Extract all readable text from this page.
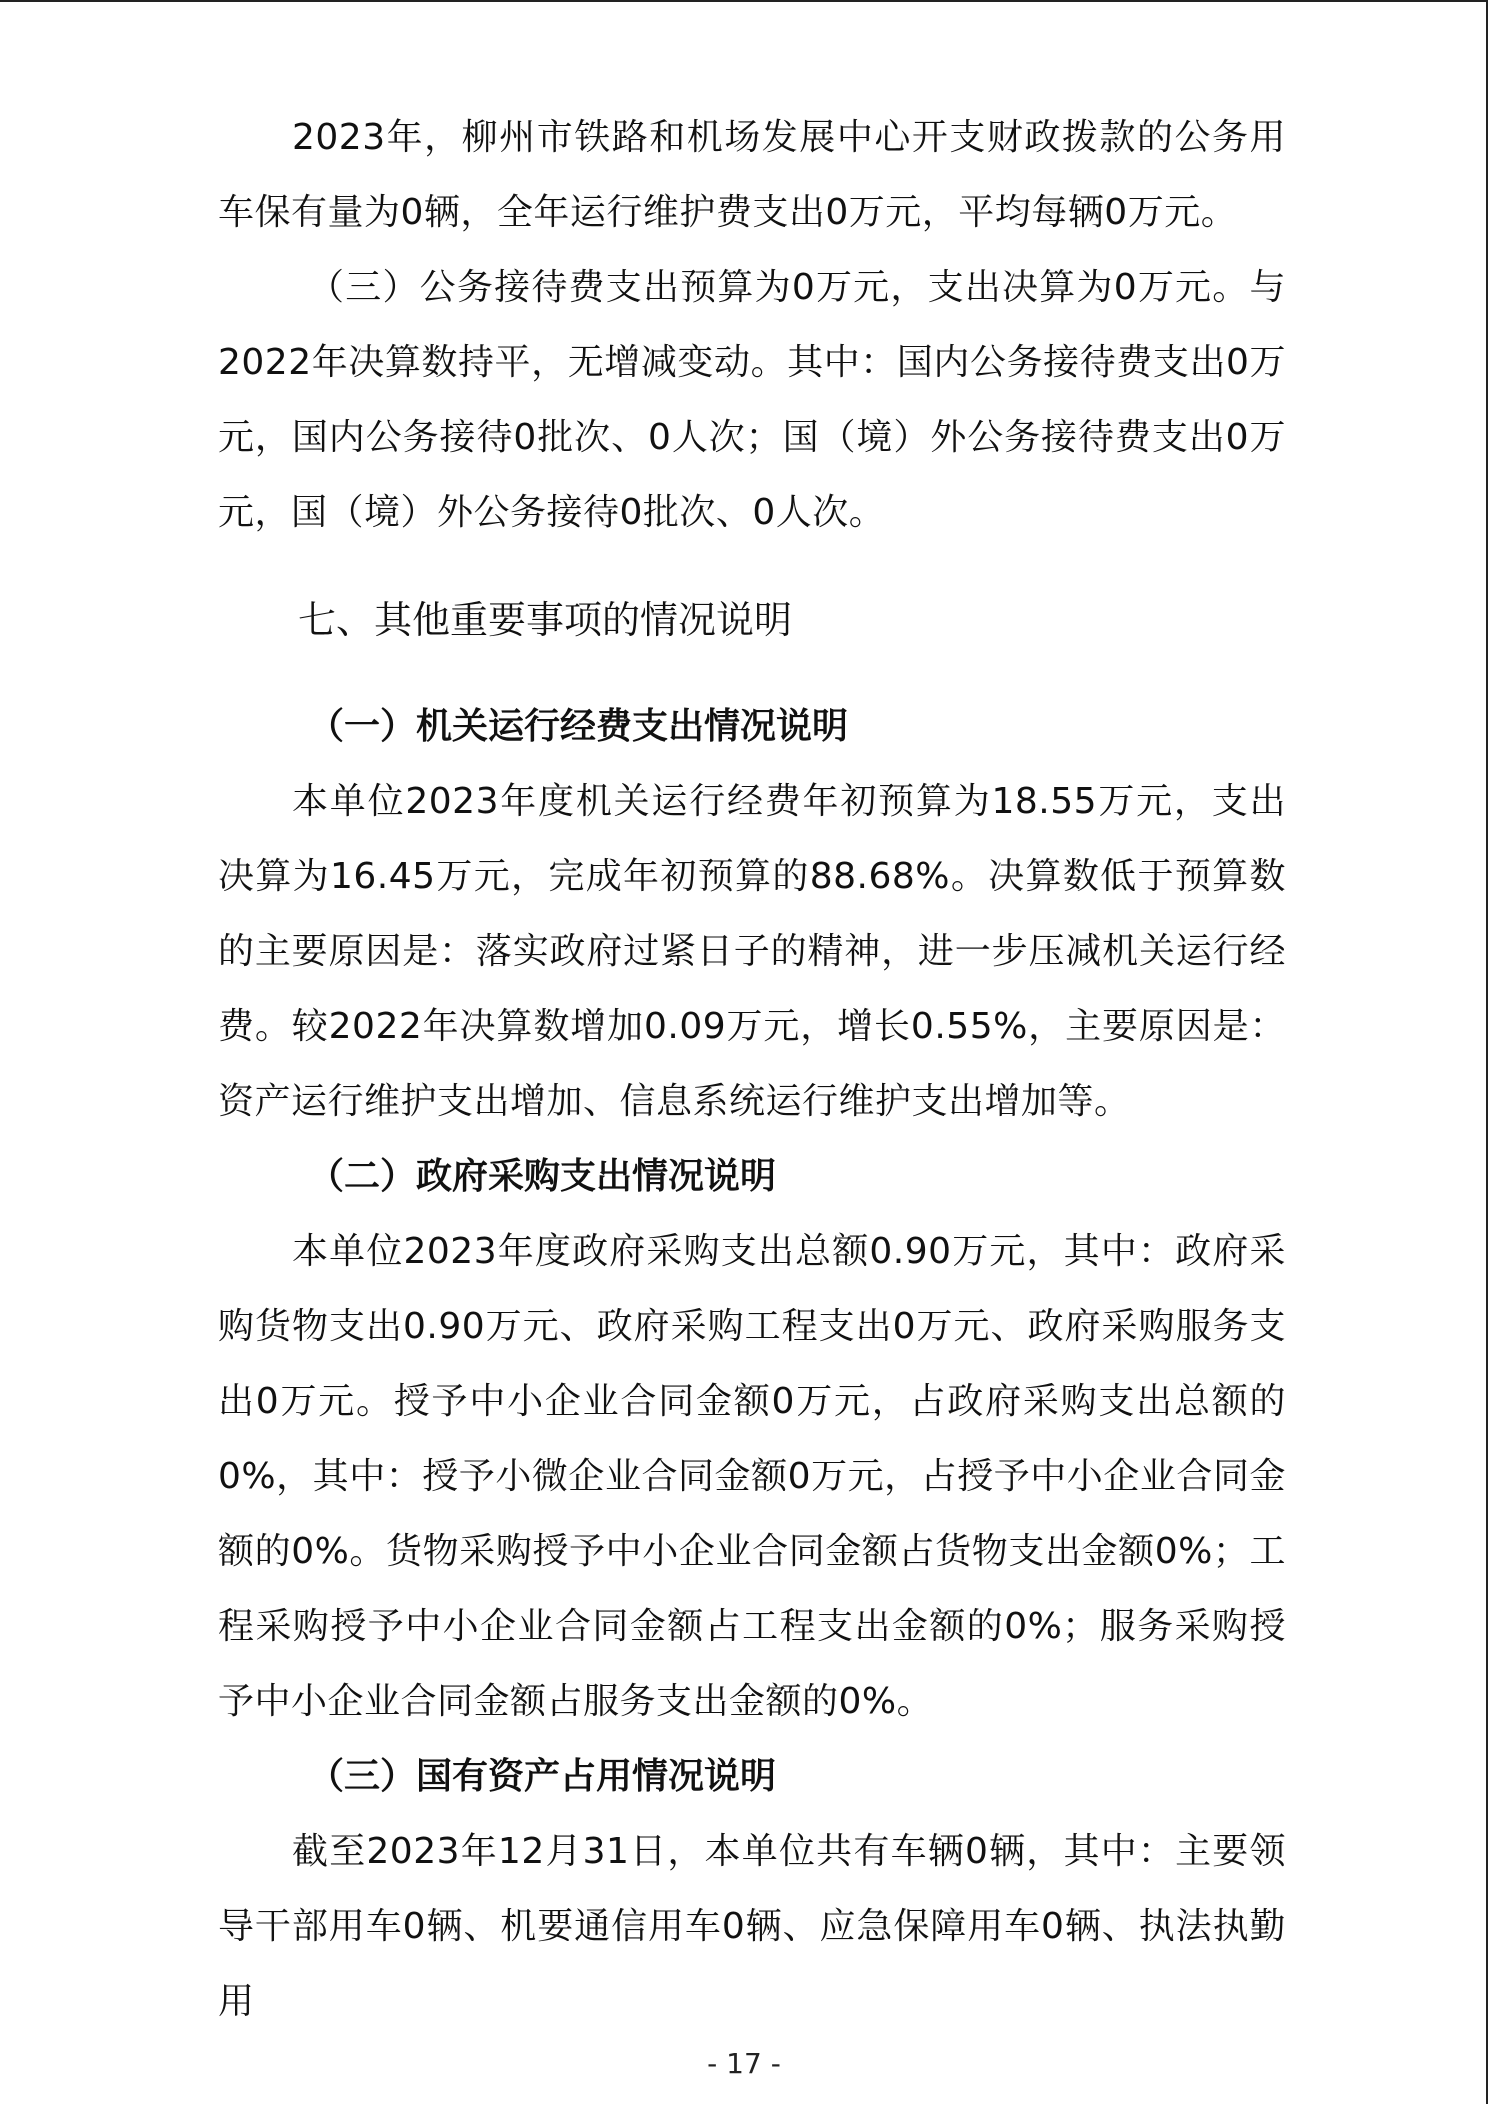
2023年，柳州市铁路和机场发展中心开支财政拨款的公务用车保有量为0辆，全年运行维护费支出0万元，平均每辆0万元。

（三）公务接待费支出预算为0万元，支出决算为0万元。与2022年决算数持平，无增减变动。其中：国内公务接待费支出0万元，国内公务接待0批次、0人次；国（境）外公务接待费支出0万元，国（境）外公务接待0批次、0人次。

七、其他重要事项的情况说明
（一）机关运行经费支出情况说明

本单位2023年度机关运行经费年初预算为18.55万元，支出决算为16.45万元，完成年初预算的88.68%。决算数低于预算数的主要原因是：落实政府过紧日子的精神，进一步压减机关运行经费。较2022年决算数增加0.09万元，增长0.55%，主要原因是：资产运行维护支出增加、信息系统运行维护支出增加等。

（二）政府采购支出情况说明

本单位2023年度政府采购支出总额0.90万元，其中：政府采购货物支出0.90万元、政府采购工程支出0万元、政府采购服务支出0万元。授予中小企业合同金额0万元，占政府采购支出总额的0%，其中：授予小微企业合同金额0万元，占授予中小企业合同金额的0%。货物采购授予中小企业合同金额占货物支出金额0%；工程采购授予中小企业合同金额占工程支出金额的0%；服务采购授予中小企业合同金额占服务支出金额的0%。

（三）国有资产占用情况说明

截至2023年12月31日，本单位共有车辆0辆，其中：主要领导干部用车0辆、机要通信用车0辆、应急保障用车0辆、执法执勤用

- 17 -
